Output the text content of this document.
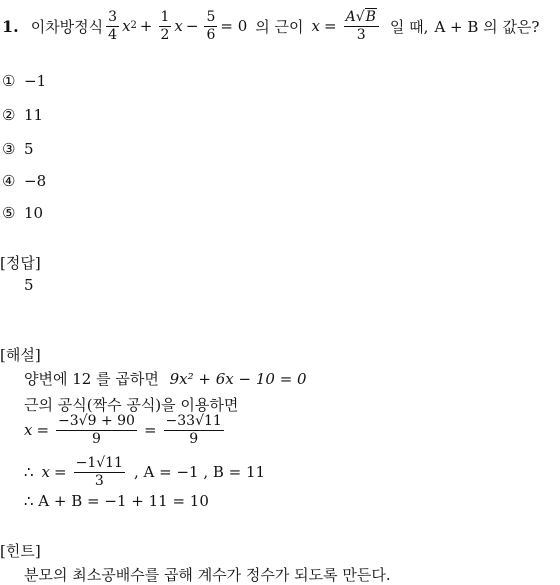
1. 이차방정식 $\frac{3}{4}$ x $2 + \frac{1}{2}$ $x - \frac{5}{6} = 0$ 의 근이 $x = \frac{A√B}{3}$ 일 때, A + B 의 값은?
① −1
② 11
③ 5
④ −8
⑤ 10
[정답]
5
[해설]
양변에 12 를 곱하면 9x² + 6x − 10 = 0
근의 공식(짝수 공식)을 이용하면
$x = \frac{-3√9 + 90}{9} = \frac{-33√11}{9}$
∴ $x = \frac{-1√11}{3}$ , A = −1 , B = 11
∴ A + B = −1 + 11 = 10
[힌트]
분모의 최소공배수를 곱해 계수가 정수가 되도록 만든다.
